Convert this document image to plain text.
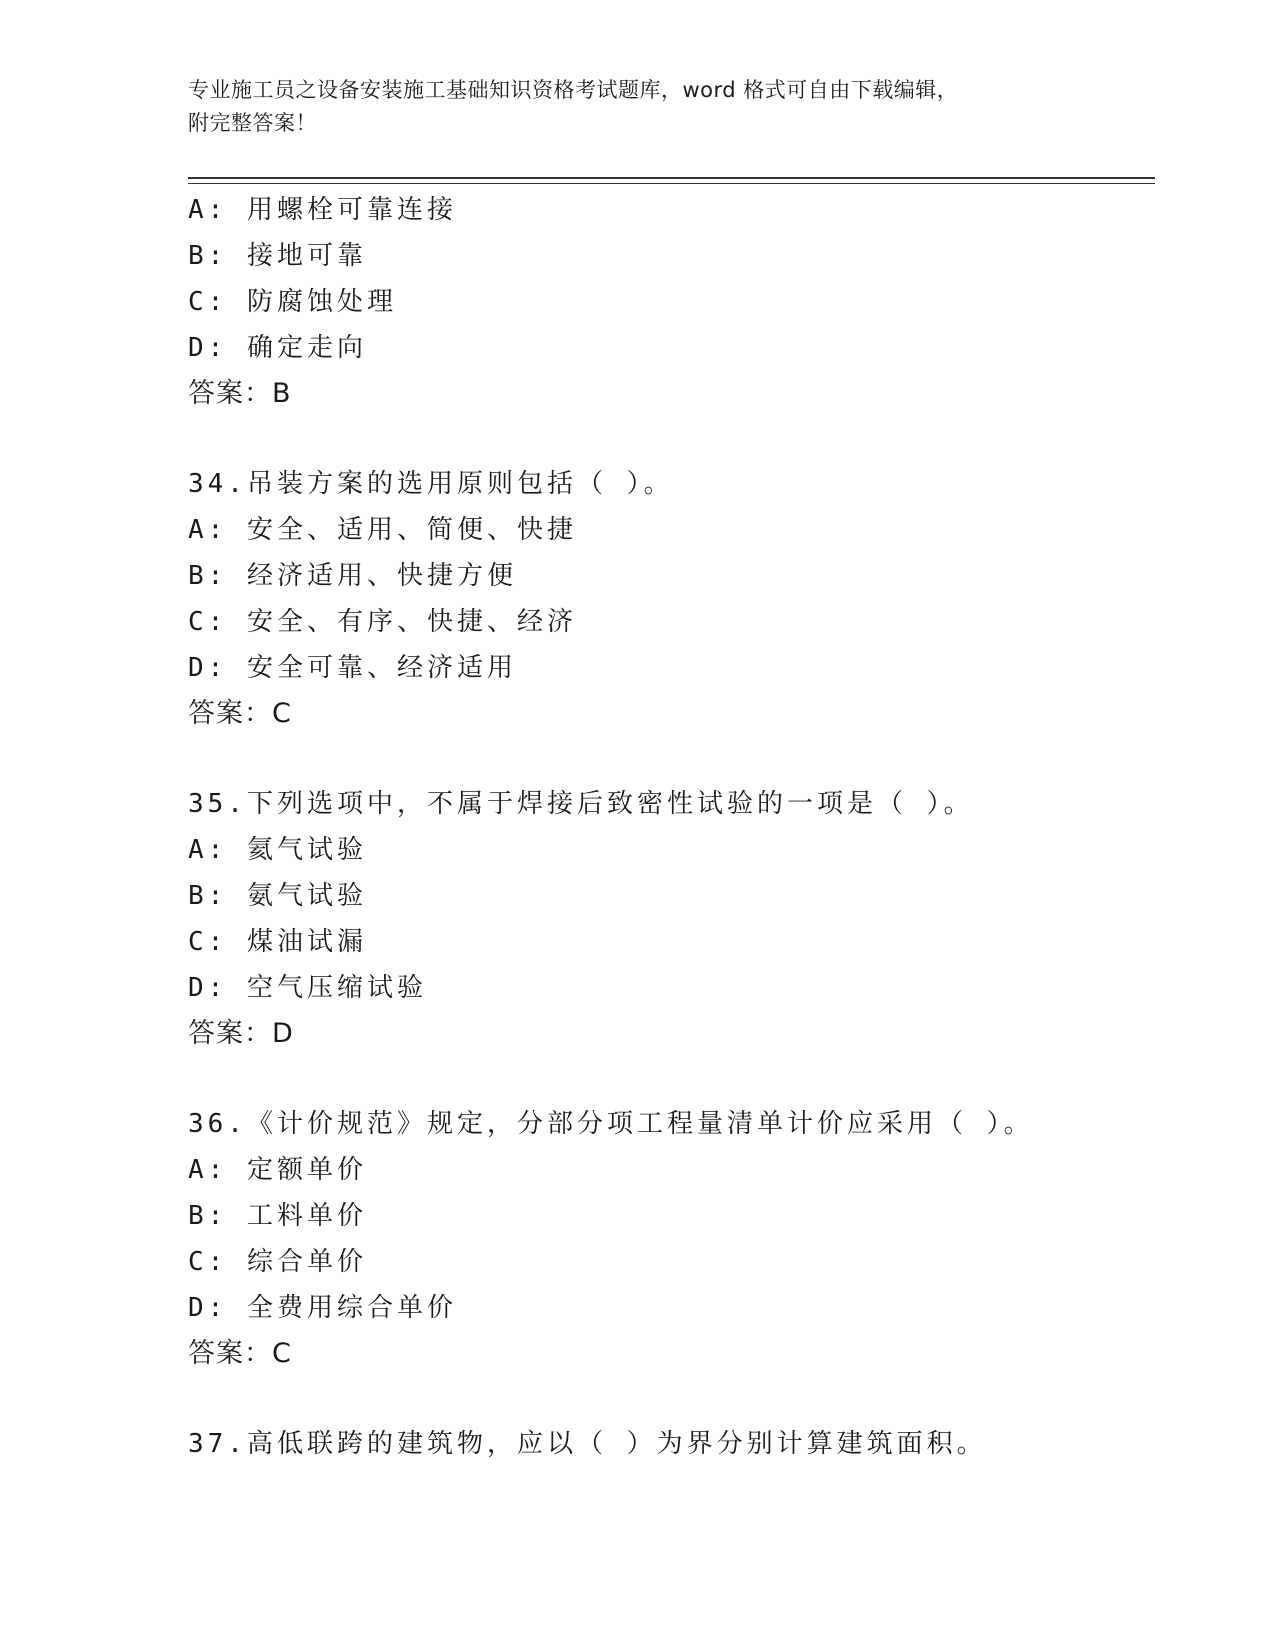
专业施工员之设备安装施工基础知识资格考试题库，word 格式可自由下载编辑，
附完整答案！
A: 用螺栓可靠连接
B: 接地可靠
C: 防腐蚀处理
D: 确定走向
答案：B
34.吊装方案的选用原则包括（ ）。
A: 安全、适用、简便、快捷
B: 经济适用、快捷方便
C: 安全、有序、快捷、经济
D: 安全可靠、经济适用
答案：C
35.下列选项中，不属于焊接后致密性试验的一项是（ ）。
A: 氦气试验
B: 氨气试验
C: 煤油试漏
D: 空气压缩试验
答案：D
36.《计价规范》规定，分部分项工程量清单计价应采用（ ）。
A: 定额单价
B: 工料单价
C: 综合单价
D: 全费用综合单价
答案：C
37.高低联跨的建筑物，应以（ ）为界分别计算建筑面积。
